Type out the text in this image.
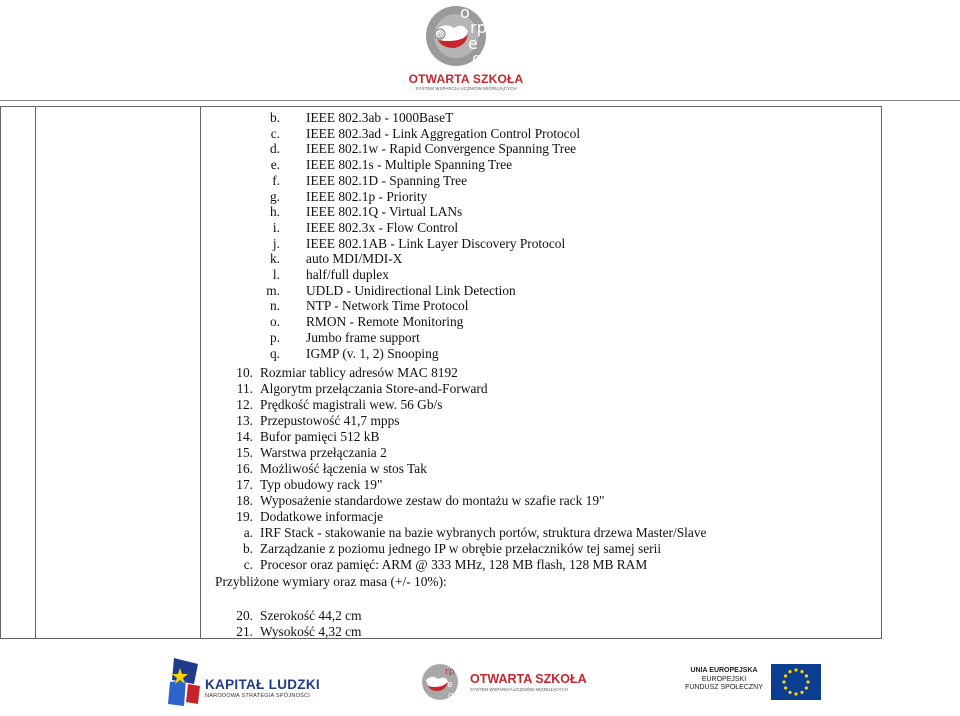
@
o
rp
e
g
OTWARTA SZKOŁA
SYSTEM WSPARCIA UCZNIÓW MIGRUJĄCYCH
b. IEEE 802.3ab - 1000BaseT
c. IEEE 802.3ad - Link Aggregation Control Protocol
d. IEEE 802.1w - Rapid Convergence Spanning Tree
e. IEEE 802.1s - Multiple Spanning Tree
f. IEEE 802.1D - Spanning Tree
g. IEEE 802.1p - Priority
h. IEEE 802.1Q - Virtual LANs
i. IEEE 802.3x - Flow Control
j. IEEE 802.1AB - Link Layer Discovery Protocol
k. auto MDI/MDI-X
l. half/full duplex
m. UDLD - Unidirectional Link Detection
n. NTP - Network Time Protocol
o. RMON - Remote Monitoring
p. Jumbo frame support
q. IGMP (v. 1, 2) Snooping
10. Rozmiar tablicy adresów MAC 8192
11. Algorytm przełączania Store-and-Forward
12. Prędkość magistrali wew. 56 Gb/s
13. Przepustowość 41,7 mpps
14. Bufor pamięci 512 kB
15. Warstwa przełączania 2
16. Możliwość łączenia w stos Tak
17. Typ obudowy rack 19"
18. Wyposażenie standardowe zestaw do montażu w szafie rack 19"
19. Dodatkowe informacje
a. IRF Stack - stakowanie na bazie wybranych portów, struktura drzewa Master/Slave
b. Zarządzanie z poziomu jednego IP w obrębie przełaczników tej samej serii
c. Procesor oraz pamięć: ARM @ 333 MHz, 128 MB flash, 128 MB RAM
Przybliżone wymiary oraz masa (+/- 10%):
20. Szerokość 44,2 cm
21. Wysokość 4,32 cm
KAPITAŁ LUDZKI
NARODOWA STRATEGIA SPÓJNOŚCI
rp
e
g
OTWARTA SZKOŁA
SYSTEM WSPARCIA UCZNIÓW MIGRUJĄCYCH
UNIA EUROPEJSKA
EUROPEJSKI
FUNDUSZ SPOŁECZNY
